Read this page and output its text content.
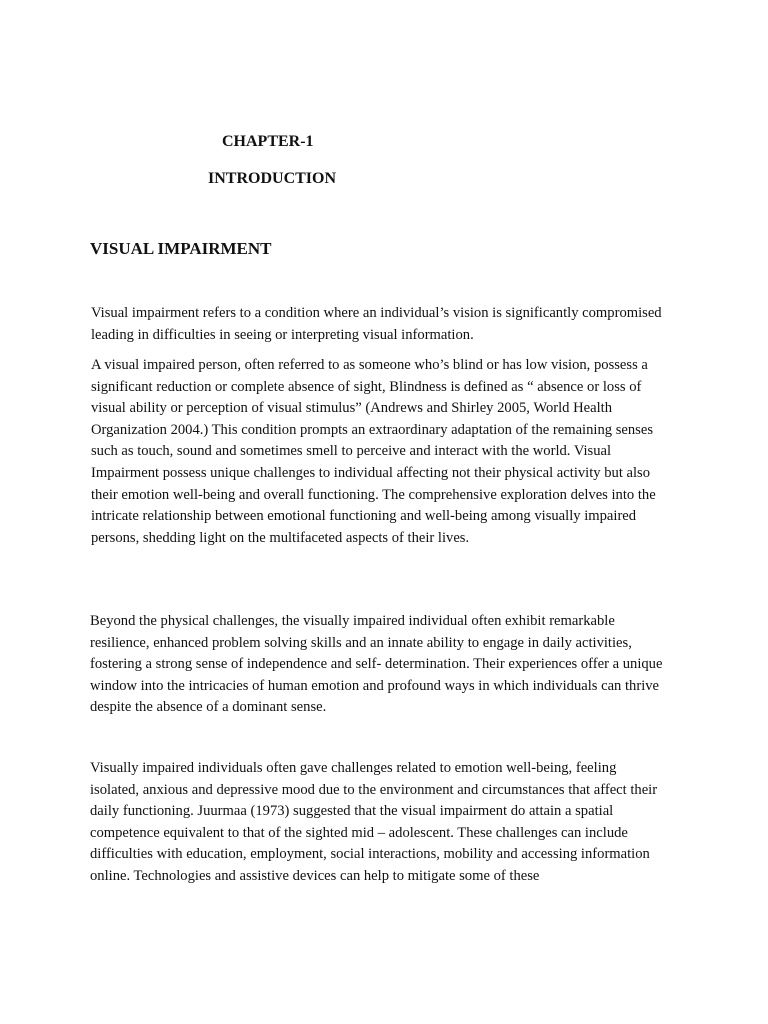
CHAPTER-1
INTRODUCTION
VISUAL IMPAIRMENT

Visual impairment refers to a condition where an individual’s vision is significantly compromised leading in difficulties in seeing or interpreting visual information.

A visual impaired person, often referred to as someone who’s blind or has low vision, possess a significant reduction or complete absence of sight, Blindness is defined as “ absence or loss of visual ability or perception of visual stimulus” (Andrews and Shirley 2005, World Health Organization 2004.) This condition prompts an extraordinary adaptation of the remaining senses such as touch, sound and sometimes smell to perceive and interact with the world. Visual Impairment possess unique challenges to individual affecting not their physical activity but also their emotion well-being and overall functioning. The comprehensive exploration delves into the intricate relationship between emotional functioning and well-being among visually impaired persons, shedding light on the multifaceted aspects of their lives.

Beyond the physical challenges, the visually impaired individual often exhibit remarkable resilience, enhanced problem solving skills and an innate ability to engage in daily activities, fostering a strong sense of independence and self- determination. Their experiences offer a unique window into the intricacies of human emotion and profound ways in which individuals can thrive despite the absence of a dominant sense.

Visually impaired individuals often gave challenges related to emotion well-being, feeling isolated, anxious and depressive mood due to the environment and circumstances that affect their daily functioning. Juurmaa (1973) suggested that the visual impairment do attain a spatial competence equivalent to that of the sighted mid – adolescent. These challenges can include difficulties with education, employment, social interactions, mobility and accessing information online. Technologies and assistive devices can help to mitigate some of these
